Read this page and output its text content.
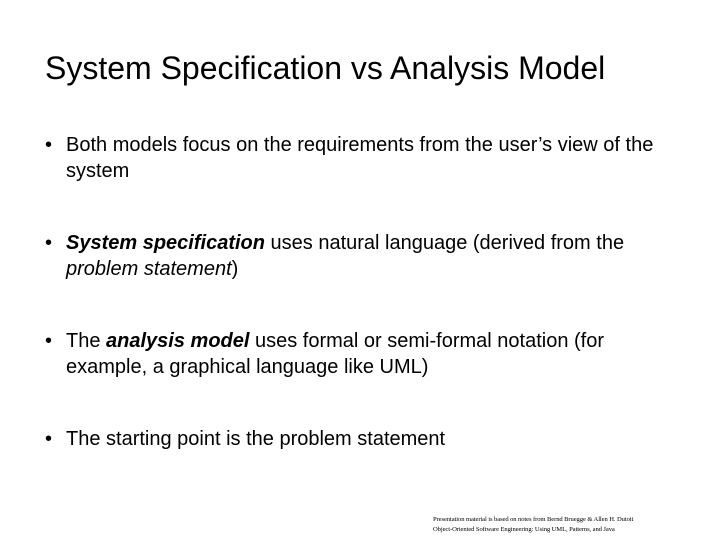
System Specification vs Analysis Model
• Both models focus on the requirements from the user’s view of the system
• System specification uses natural language (derived from the problem statement)
• The analysis model uses formal or semi-formal notation (for example, a graphical language like UML)
• The starting point is the problem statement
Presentation material is based on notes from Bernd Bruegge & Allen H. Dutoit
Object-Oriented Software Engineering: Using UML, Patterns, and Java
